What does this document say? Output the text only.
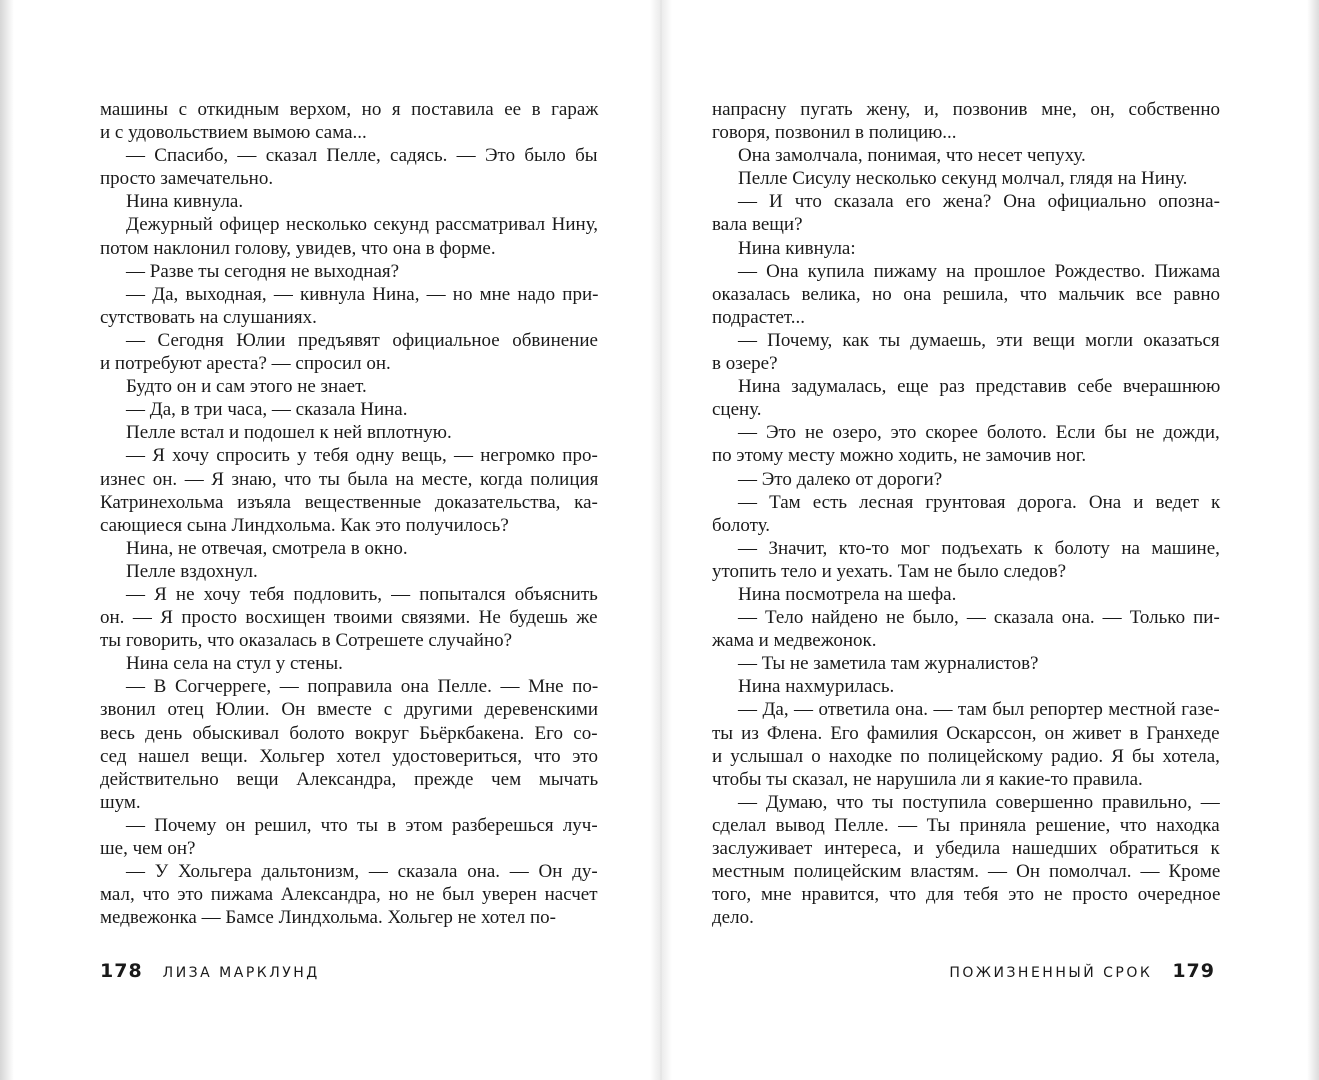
машины с откидным верхом, но я поставила ее в гараж
и с удовольствием вымою сама...
— Спасибо, — сказал Пелле, садясь. — Это было бы
просто замечательно.
Нина кивнула.
Дежурный офицер несколько секунд рассматривал Нину,
потом наклонил голову, увидев, что она в форме.
— Разве ты сегодня не выходная?
— Да, выходная, — кивнула Нина, — но мне надо при-
сутствовать на слушаниях.
— Сегодня Юлии предъявят официальное обвинение
и потребуют ареста? — спросил он.
Будто он и сам этого не знает.
— Да, в три часа, — сказала Нина.
Пелле встал и подошел к ней вплотную.
— Я хочу спросить у тебя одну вещь, — негромко про-
изнес он. — Я знаю, что ты была на месте, когда полиция
Катринехольма изъяла вещественные доказательства, ка-
сающиеся сына Линдхольма. Как это получилось?
Нина, не отвечая, смотрела в окно.
Пелле вздохнул.
— Я не хочу тебя подловить, — попытался объяснить
он. — Я просто восхищен твоими связями. Не будешь же
ты говорить, что оказалась в Сотрешете случайно?
Нина села на стул у стены.
— В Согчерреге, — поправила она Пелле. — Мне по-
звонил отец Юлии. Он вместе с другими деревенскими
весь день обыскивал болото вокруг Бьёркбакена. Его со-
сед нашел вещи. Хольгер хотел удостовериться, что это
действительно вещи Александра, прежде чем мычать
шум.
— Почему он решил, что ты в этом разберешься луч-
ше, чем он?
— У Хольгера дальтонизм, — сказала она. — Он ду-
мал, что это пижама Александра, но не был уверен насчет
медвежонка — Бамсе Линдхольма. Хольгер не хотел по-
напрасну пугать жену, и, позвонив мне, он, собственно
говоря, позвонил в полицию...
Она замолчала, понимая, что несет чепуху.
Пелле Сисулу несколько секунд молчал, глядя на Нину.
— И что сказала его жена? Она официально опозна-
вала вещи?
Нина кивнула:
— Она купила пижаму на прошлое Рождество. Пижама
оказалась велика, но она решила, что мальчик все равно
подрастет...
— Почему, как ты думаешь, эти вещи могли оказаться
в озере?
Нина задумалась, еще раз представив себе вчерашнюю
сцену.
— Это не озеро, это скорее болото. Если бы не дожди,
по этому месту можно ходить, не замочив ног.
— Это далеко от дороги?
— Там есть лесная грунтовая дорога. Она и ведет к
болоту.
— Значит, кто-то мог подъехать к болоту на машине,
утопить тело и уехать. Там не было следов?
Нина посмотрела на шефа.
— Тело найдено не было, — сказала она. — Только пи-
жама и медвежонок.
— Ты не заметила там журналистов?
Нина нахмурилась.
— Да, — ответила она. — там был репортер местной газе-
ты из Флена. Его фамилия Оскарссон, он живет в Гранхеде
и услышал о находке по полицейскому радио. Я бы хотела,
чтобы ты сказал, не нарушила ли я какие-то правила.
— Думаю, что ты поступила совершенно правильно, —
сделал вывод Пелле. — Ты приняла решение, что находка
заслуживает интереса, и убедила нашедших обратиться к
местным полицейским властям. — Он помолчал. — Кроме
того, мне нравится, что для тебя это не просто очередное
дело.
178 ЛИЗА МАРКЛУНД	ПОЖИЗНЕННЫЙ СРОК 179
